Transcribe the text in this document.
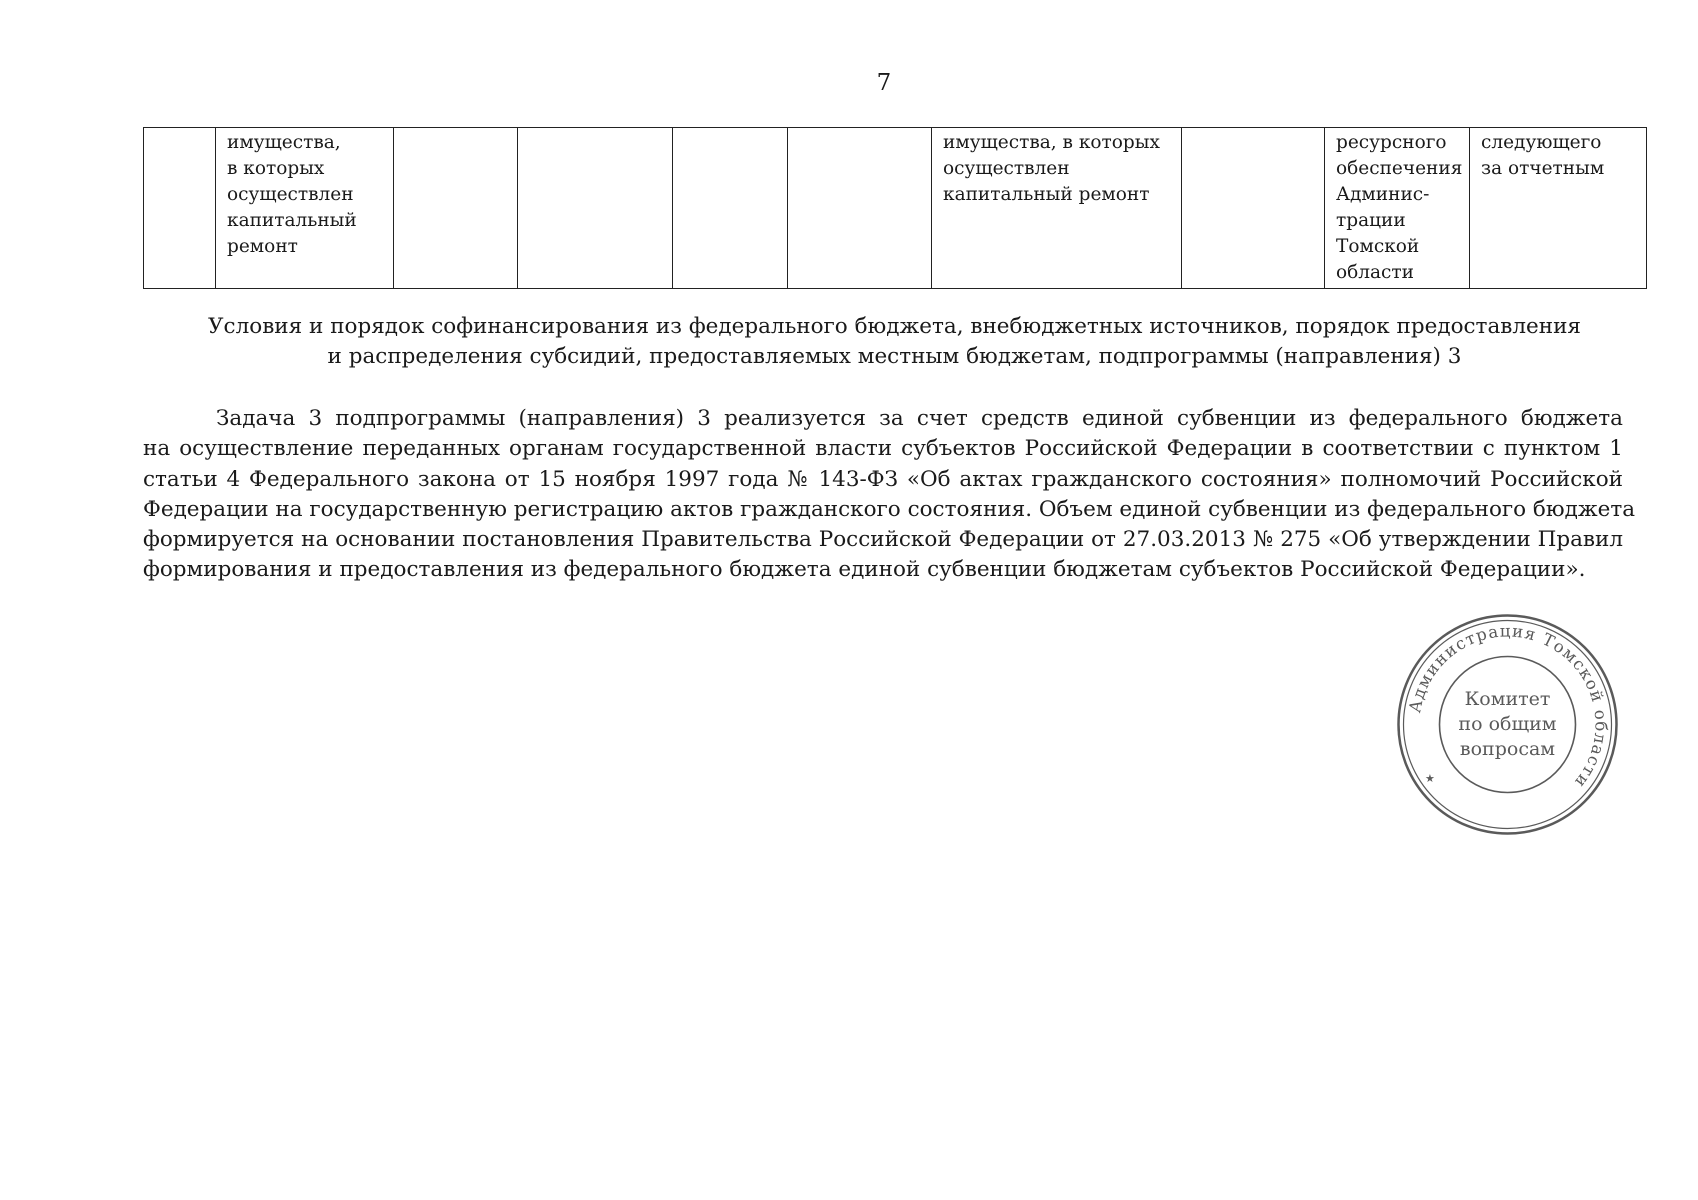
7
	имущества,
в которых
осуществлен
капитальный
ремонт					имущества, в которых
осуществлен
капитальный ремонт		ресурсного
обеспечения
Админис-
трации
Томской
области	следующего
за отчетным
Условия и порядок софинансирования из федерального бюджета, внебюджетных источников, порядок предоставления
и распределения субсидий, предоставляемых местным бюджетам, подпрограммы (направления) 3
Задача 3 подпрограммы (направления) 3 реализуется за счет средств единой субвенции из федерального бюджета
на осуществление переданных органам государственной власти субъектов Российской Федерации в соответствии с пунктом 1
статьи 4 Федерального закона от 15 ноября 1997 года № 143-ФЗ «Об актах гражданского состояния» полномочий Российской
Федерации на государственную регистрацию актов гражданского состояния. Объем единой субвенции из федерального бюджета
формируется на основании постановления Правительства Российской Федерации от 27.03.2013 № 275 «Об утверждении Правил
формирования и предоставления из федерального бюджета единой субвенции бюджетам субъектов Российской Федерации».
Администрация Томской области
★
Комитет
по общим
вопросам
